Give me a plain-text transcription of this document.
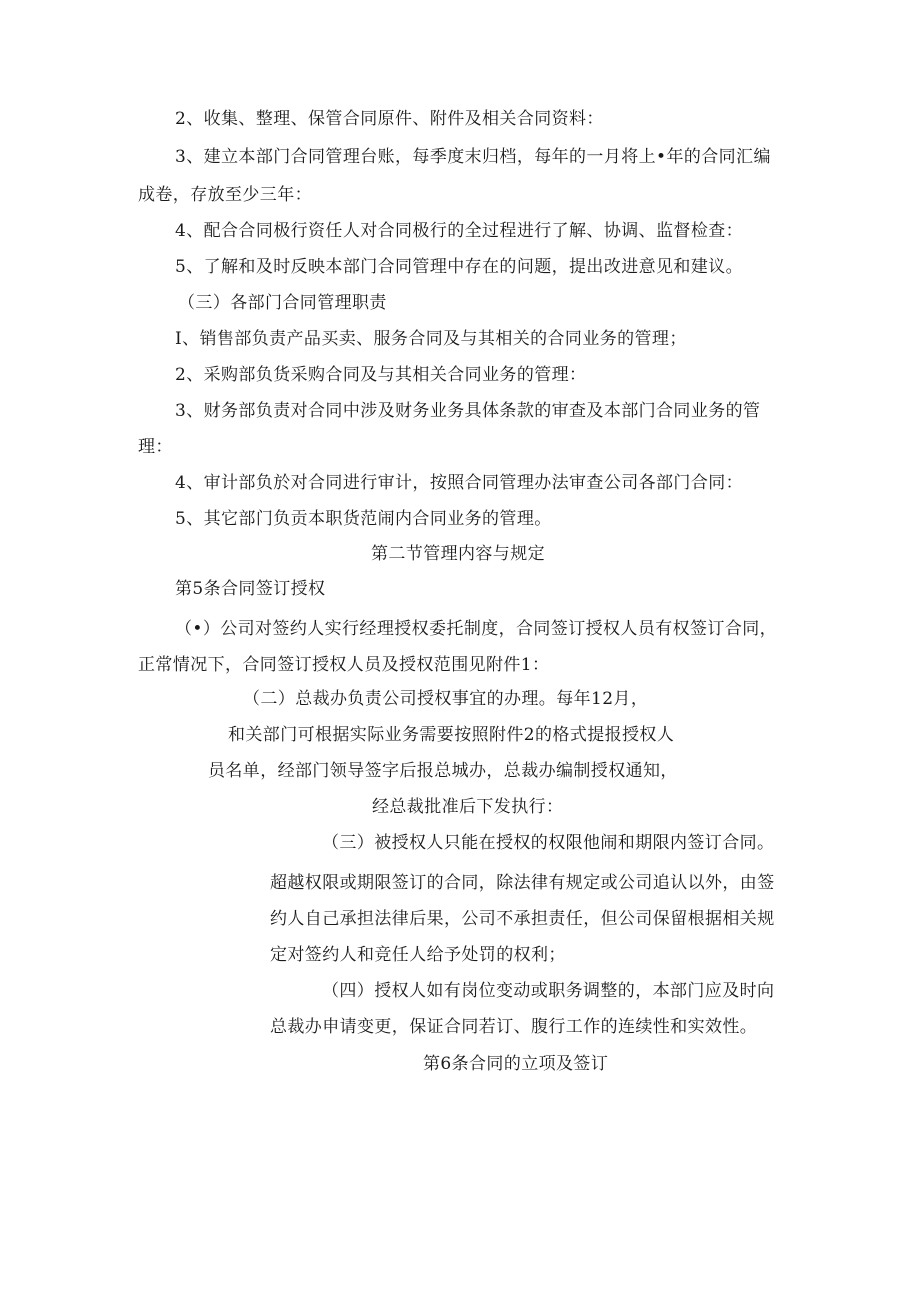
2、收集、整理、保管合同原件、附件及相关合同资料：
3、建立本部门合同管理台账，每季度末归档，每年的一月将上•年的合同汇编
成卷，存放至少三年：
4、配合合同极行资任人对合同极行的全过程进行了解、协调、监督检查：
5、了解和及时反映本部门合同管理中存在的问题，提出改进意见和建议。
（三）各部门合同管理职责
I、销售部负责产品买卖、服务合同及与其相关的合同业务的管理；
2、采购部负货采购合同及与其相关合同业务的管理：
3、财务部负责对合同中涉及财务业务具体条款的审查及本部门合同业务的管
理：
4、审计部负於对合同进行审计，按照合同管理办法审查公司各部门合同：
5、其它部门负贡本职货范闹内合同业务的管理。
第二节管理内容与规定
第5条合同签订授权
（•）公司对签约人实行经理授权委托制度，合同签订授权人员有权签订合同，
正常情况下，合同签订授权人员及授权范围见附件1：
（二）总裁办负责公司授权事宜的办理。每年12月，
和关部门可根据实际业务需要按照附件2的格式提报授权人
员名单，经部门领导签字后报总城办，总裁办编制授权通知，
经总裁批准后下发执行：
（三）被授权人只能在授权的权限他闹和期限内签订合同。
超越权限或期限签订的合同，除法律有规定或公司追认以外，由签
约人自己承担法律后果，公司不承担责任，但公司保留根据相关规
定对签约人和竞任人给予处罚的权利；
（四）授权人如有岗位变动或职务调整的，本部门应及时向
总裁办申请变更，保证合同若订、腹行工作的连续性和实效性。
第6条合同的立项及签订
